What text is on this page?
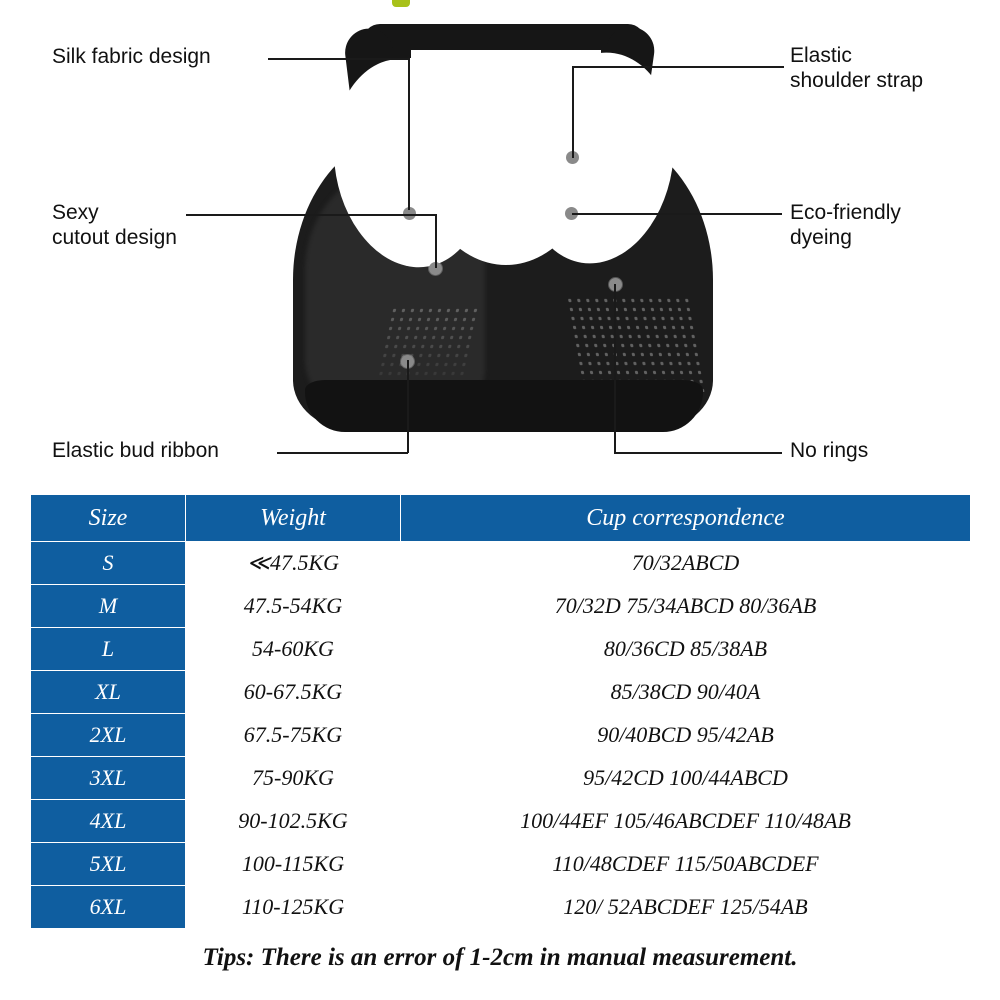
Silk fabric design	Elastic
shoulder strap
Sexy
cutout design
Eco-friendly
dyeing
Elastic bud ribbon	No rings
Size	Weight	Cup correspondence
S	≪47.5KG	70/32ABCD
M	47.5-54KG	70/32D 75/34ABCD 80/36AB
L	54-60KG	80/36CD 85/38AB
XL	60-67.5KG	85/38CD 90/40A
2XL	67.5-75KG	90/40BCD 95/42AB
3XL	75-90KG	95/42CD 100/44ABCD
4XL	90-102.5KG	100/44EF 105/46ABCDEF 110/48AB
5XL	100-115KG	110/48CDEF 115/50ABCDEF
6XL	110-125KG	120/ 52ABCDEF 125/54AB
Tips: There is an error of 1-2cm in manual measurement.
